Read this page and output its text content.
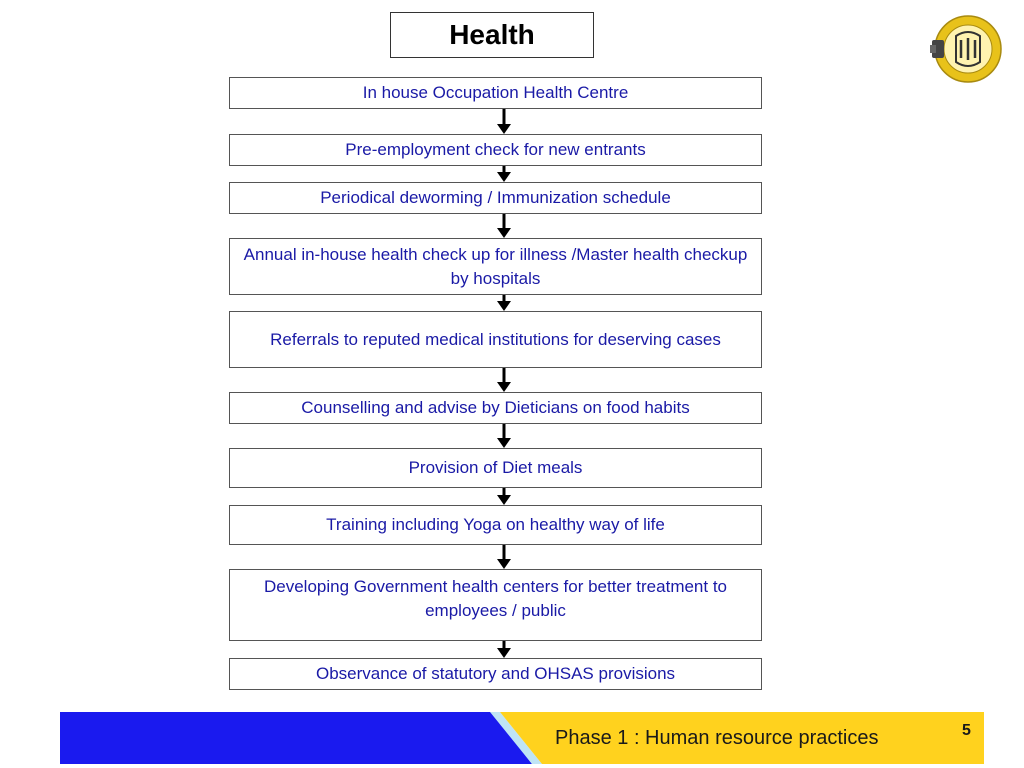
Health
In house Occupation Health Centre
Pre-employment check for new entrants
Periodical deworming / Immunization schedule
Annual in-house health check up for illness /Master health checkup by hospitals
Referrals to reputed medical institutions for deserving cases
Counselling and advise by Dieticians on food habits
Provision of Diet meals
Training including Yoga on healthy way of life
Developing Government health centers for better treatment to employees / public
Observance of statutory and OHSAS provisions
Phase 1 : Human resource practices	5
